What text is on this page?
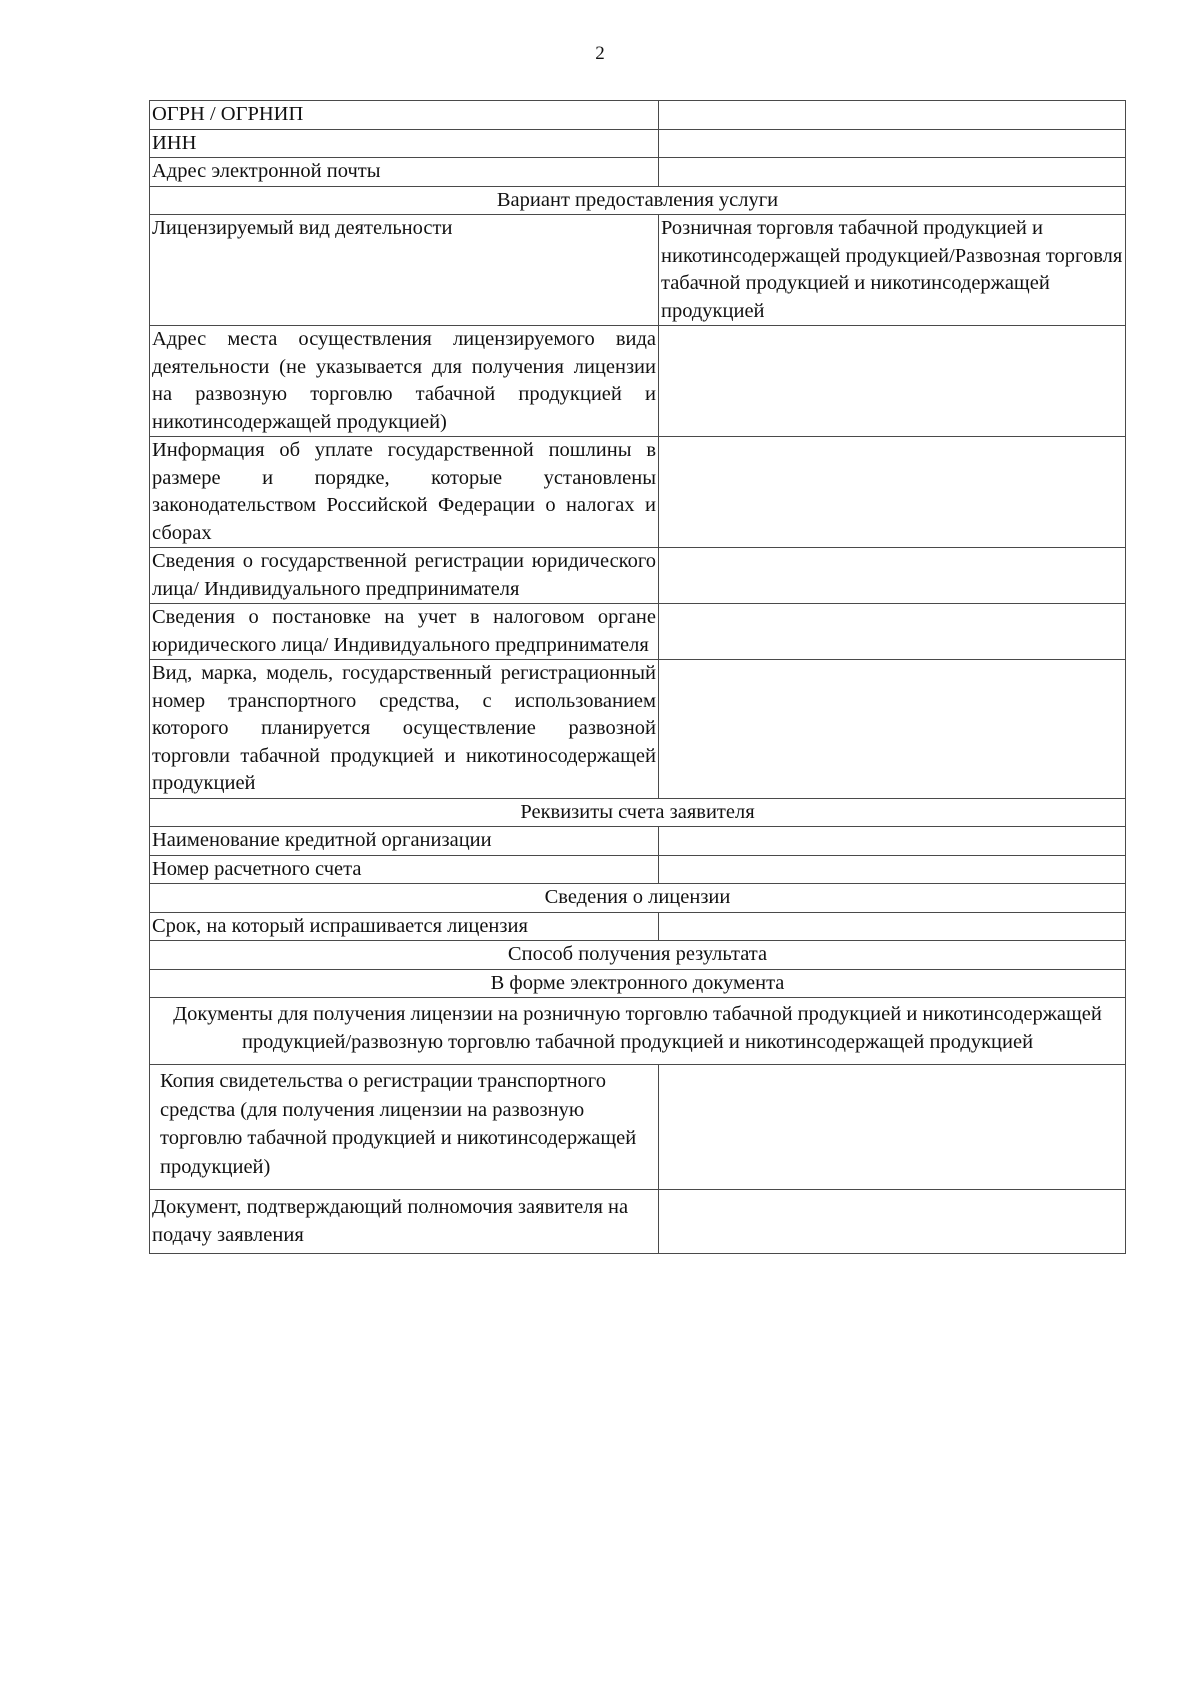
2
ОГРН / ОГРНИП	
ИНН	
Адрес электронной почты	
Вариант предоставления услуги	
Лицензируемый вид деятельности	Розничная торговля табачной продукцией и никотинсодержащей продукцией/Развозная торговля табачной продукцией и никотинсодержащей продукцией
Адрес места осуществления лицензируемого вида деятельности (не указывается для получения лицензии на развозную торговлю табачной продукцией и никотинсодержащей продукцией)	
Информация об уплате государственной пошлины в размере и порядке, которые установлены законодательством Российской Федерации о налогах и сборах	
Сведения о государственной регистрации юридического лица/ Индивидуального предпринимателя	
Сведения о постановке на учет в налоговом органе юридического лица/ Индивидуального предпринимателя	
Вид, марка, модель, государственный регистрационный номер транспортного средства, с использованием которого планируется осуществление развозной торговли табачной продукцией и никотиносодержащей продукцией	
Реквизиты счета заявителя	
Наименование кредитной организации	
Номер расчетного счета	
Сведения о лицензии	
Срок, на который испрашивается лицензия	
Способ получения результата	
В форме электронного документа	
Документы для получения лицензии на розничную торговлю табачной продукцией и никотинсодержащей продукцией/развозную торговлю табачной продукцией и никотинсодержащей продукцией	
Копия свидетельства о регистрации транспортного средства (для получения лицензии на развозную торговлю табачной продукцией и никотинсодержащей продукцией)	
Документ, подтверждающий полномочия заявителя на подачу заявления	
